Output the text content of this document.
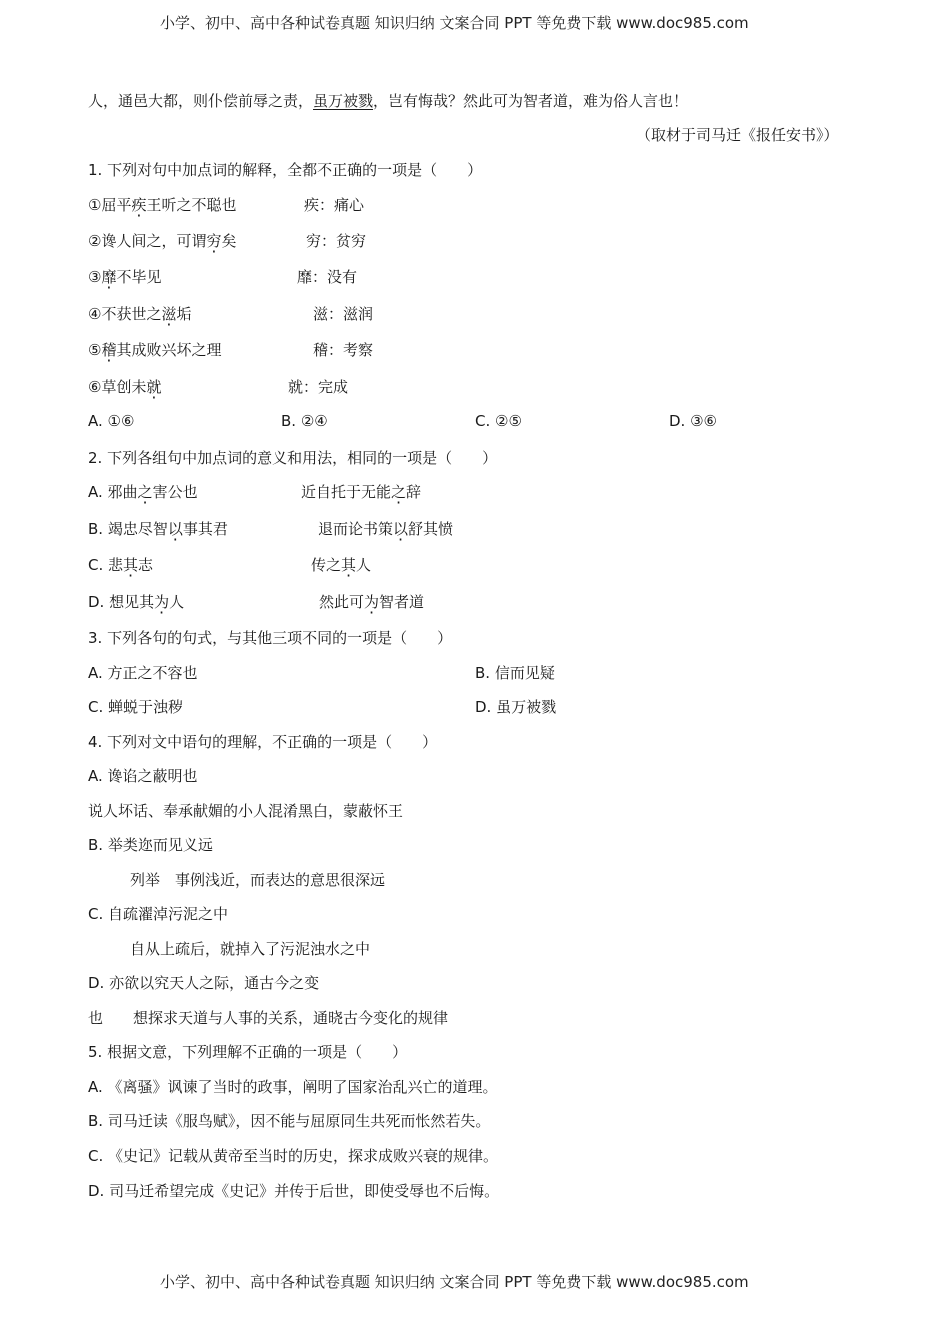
小学、初中、高中各种试卷真题 知识归纳 文案合同 PPT 等免费下载 www.doc985.com
小学、初中、高中各种试卷真题 知识归纳 文案合同 PPT 等免费下载 www.doc985.com
人，通邑大都，则仆偿前辱之责，虽万被戮，岂有悔哉？然此可为智者道，难为俗人言也！
（取材于司马迁《报任安书》）
1. 下列对句中加点词的解释，全都不正确的一项是（　　）
①屈平疾王听之不聪也	疾：痛心
②谗人间之，可谓穷矣	穷：贫穷
③靡不毕见	靡：没有
④不获世之滋垢	滋：滋润
⑤稽其成败兴坏之理	稽：考察
⑥草创未就	就：完成
A. ①⑥	B. ②④	C. ②⑤	D. ③⑥
2. 下列各组句中加点词的意义和用法，相同的一项是（　　）
A. 邪曲之害公也	近自托于无能之辞
B. 竭忠尽智以事其君	退而论书策以舒其愤
C. 悲其志	传之其人
D. 想见其为人	然此可为智者道
3. 下列各句的句式，与其他三项不同的一项是（　　）
A. 方正之不容也	B. 信而见疑
C. 蝉蜕于浊秽	D. 虽万被戮
4. 下列对文中语句的理解，不正确的一项是（　　）
A. 谗谄之蔽明也
说人坏话、奉承献媚的小人混淆黑白，蒙蔽怀王
B. 举类迩而见义远
列举　事例浅近，而表达的意思很深远
C. 自疏濯淖污泥之中
自从上疏后，就掉入了污泥浊水之中
D. 亦欲以究天人之际，通古今之变
也　　想探求天道与人事的关系，通晓古今变化的规律
5. 根据文意，下列理解不正确的一项是（　　）
A. 《离骚》讽谏了当时的政事，阐明了国家治乱兴亡的道理。
B. 司马迁读《服鸟赋》，因不能与屈原同生共死而怅然若失。
C. 《史记》记载从黄帝至当时的历史，探求成败兴衰的规律。
D. 司马迁希望完成《史记》并传于后世，即使受辱也不后悔。
